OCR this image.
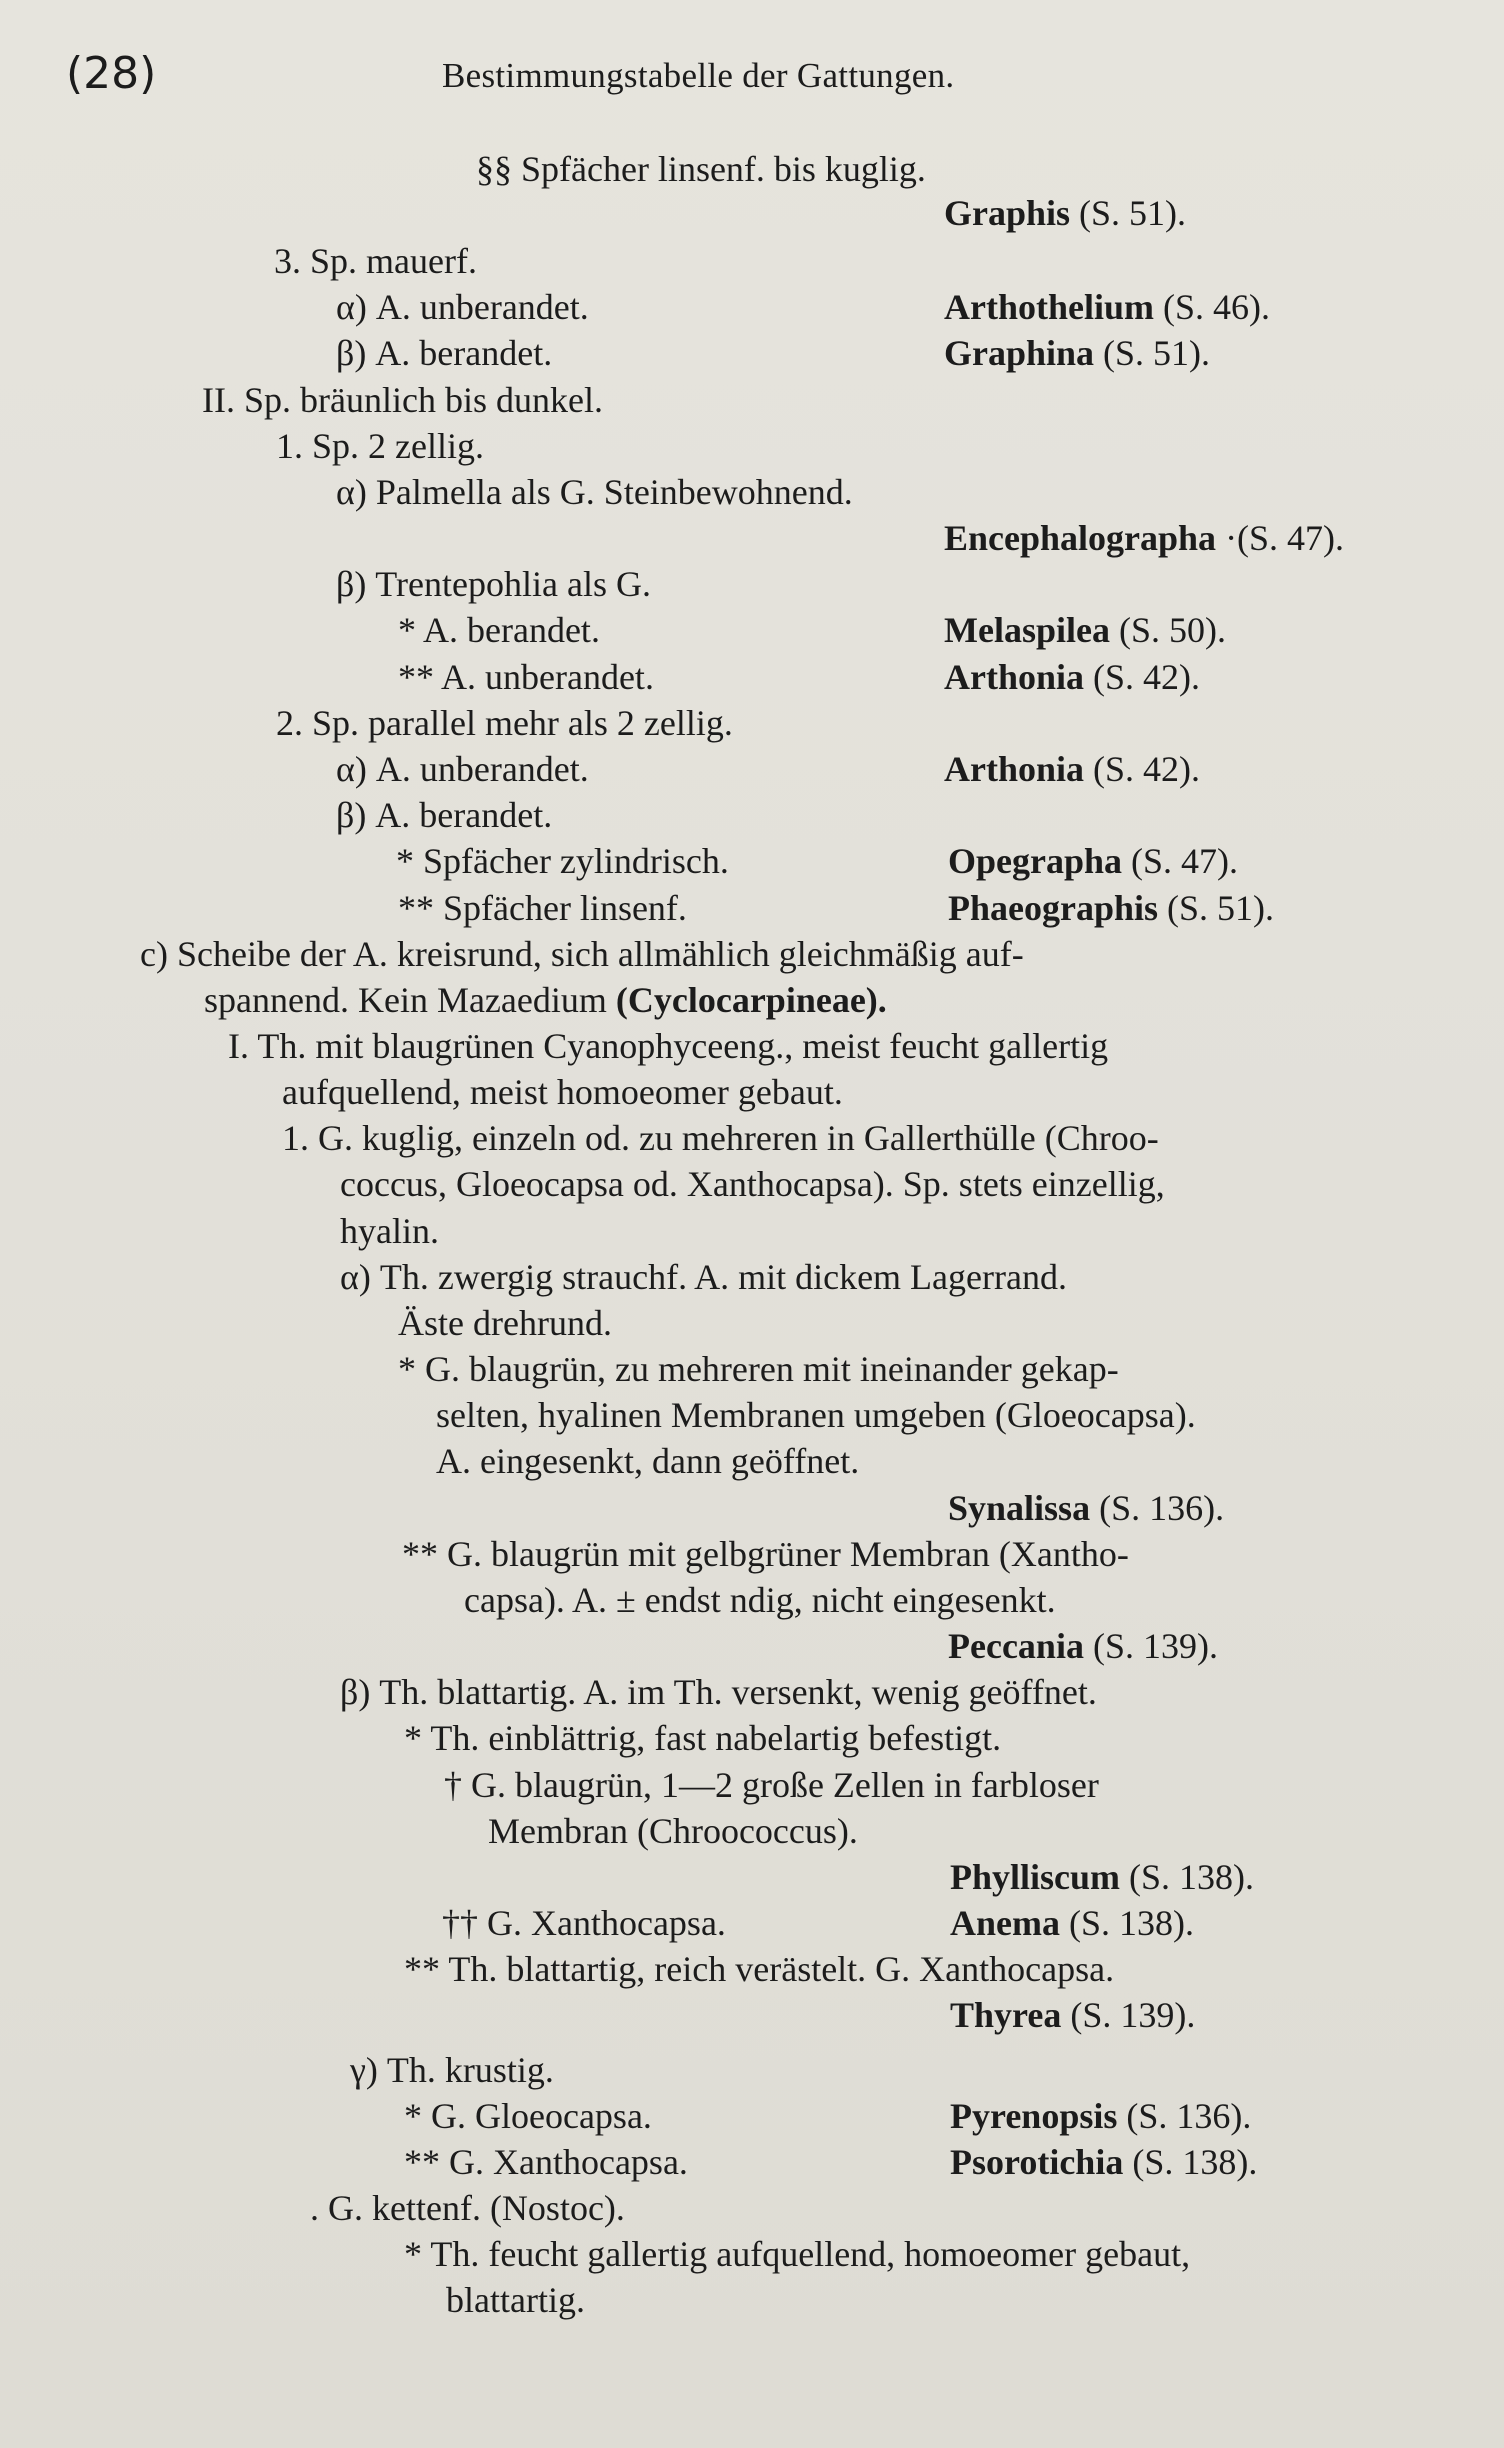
(28)	Bestimmungstabelle der Gattungen.
§§ Spfächer linsenf. bis kuglig.
Graphis (S. 51).
3. Sp. mauerf.
α) A. unberandet.	Arthothelium (S. 46).
β) A. berandet.	Graphina (S. 51).
II. Sp. bräunlich bis dunkel.
1. Sp. 2 zellig.
α) Palmella als G. Steinbewohnend.
Encephalographa ·(S. 47).
β) Trentepohlia als G.
* A. berandet.	Melaspilea (S. 50).
** A. unberandet.	Arthonia (S. 42).
2. Sp. parallel mehr als 2 zellig.
α) A. unberandet.	Arthonia (S. 42).
β) A. berandet.
* Spfächer zylindrisch.	Opegrapha (S. 47).
** Spfächer linsenf.	Phaeographis (S. 51).
c) Scheibe der A. kreisrund, sich allmählich gleichmäßig auf-
spannend. Kein Mazaedium (Cyclocarpineae).
I. Th. mit blaugrünen Cyanophyceeng., meist feucht gallertig
aufquellend, meist homoeomer gebaut.
1. G. kuglig, einzeln od. zu mehreren in Gallerthülle (Chroo-
coccus, Gloeocapsa od. Xanthocapsa). Sp. stets einzellig,
hyalin.
α) Th. zwergig strauchf. A. mit dickem Lagerrand.
Äste drehrund.
* G. blaugrün, zu mehreren mit ineinander gekap-
selten, hyalinen Membranen umgeben (Gloeocapsa).
A. eingesenkt, dann geöffnet.
Synalissa (S. 136).
** G. blaugrün mit gelbgrüner Membran (Xantho-
capsa). A. ± endst ndig, nicht eingesenkt.
Peccania (S. 139).
β) Th. blattartig. A. im Th. versenkt, wenig geöffnet.
* Th. einblättrig, fast nabelartig befestigt.
† G. blaugrün, 1—2 große Zellen in farbloser
Membran (Chroococcus).
Phylliscum (S. 138).
†† G. Xanthocapsa.	Anema (S. 138).
** Th. blattartig, reich verästelt. G. Xanthocapsa.
Thyrea (S. 139).
γ) Th. krustig.
* G. Gloeocapsa.	Pyrenopsis (S. 136).
** G. Xanthocapsa.	Psorotichia (S. 138).
. G. kettenf. (Nostoc).
* Th. feucht gallertig aufquellend, homoeomer gebaut,
blattartig.
